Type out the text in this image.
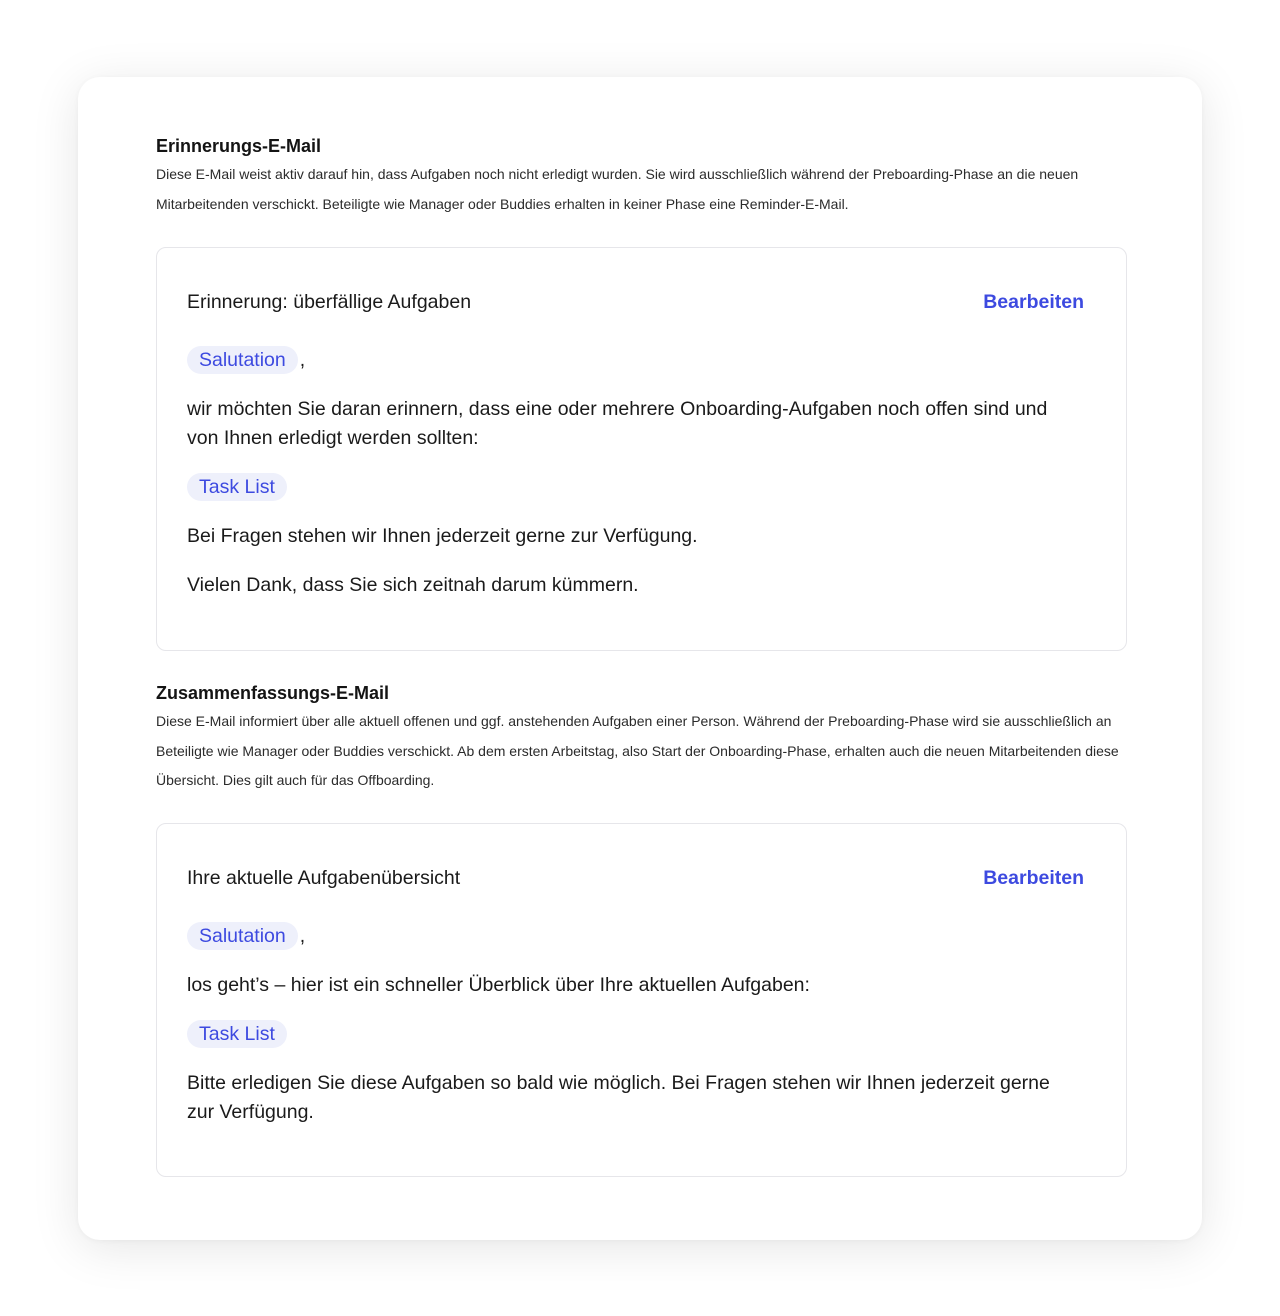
Erinnerungs-E-Mail

Diese E-Mail weist aktiv darauf hin, dass Aufgaben noch nicht erledigt wurden. Sie wird ausschließlich während der Preboarding-Phase an die neuen Mitarbeitenden verschickt. Beteiligte wie Manager oder Buddies erhalten in keiner Phase eine Reminder-E-Mail.

Erinnerung: überfällige Aufgaben	Bearbeiten
Salutation ,
wir möchten Sie daran erinnern, dass eine oder mehrere Onboarding-Aufgaben noch offen sind und von Ihnen erledigt werden sollten:
Task List
Bei Fragen stehen wir Ihnen jederzeit gerne zur Verfügung.
Vielen Dank, dass Sie sich zeitnah darum kümmern.
Zusammenfassungs-E-Mail

Diese E-Mail informiert über alle aktuell offenen und ggf. anstehenden Aufgaben einer Person. Während der Preboarding-Phase wird sie ausschließlich an Beteiligte wie Manager oder Buddies verschickt. Ab dem ersten Arbeitstag, also Start der Onboarding-Phase, erhalten auch die neuen Mitarbeitenden diese Übersicht. Dies gilt auch für das Offboarding.

Ihre aktuelle Aufgabenübersicht	Bearbeiten
Salutation ,
los geht’s – hier ist ein schneller Überblick über Ihre aktuellen Aufgaben:
Task List
Bitte erledigen Sie diese Aufgaben so bald wie möglich. Bei Fragen stehen wir Ihnen jederzeit gerne zur Verfügung.
